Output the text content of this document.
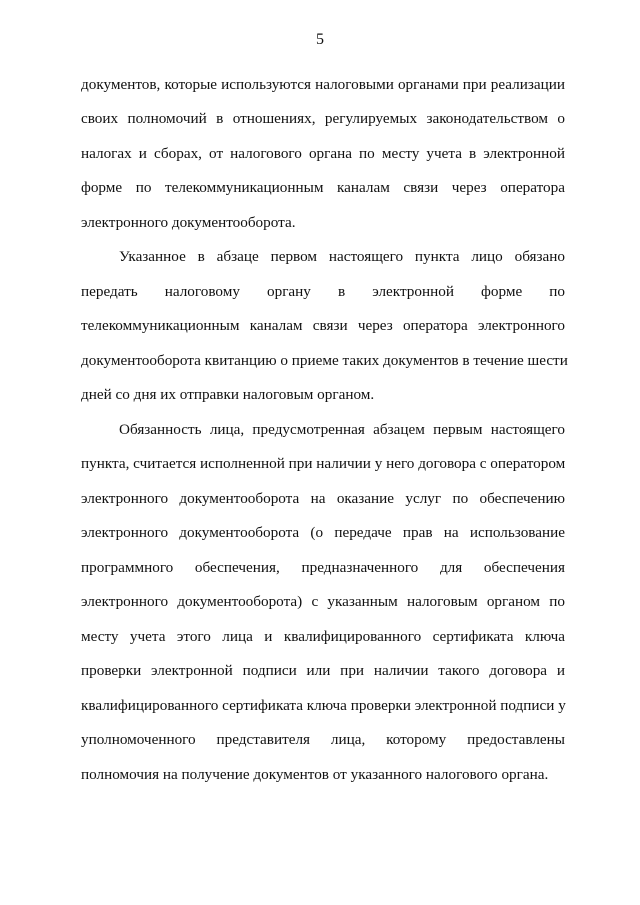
5
документов, которые используются налоговыми органами при реализации
своих полномочий в отношениях, регулируемых законодательством о
налогах и сборах, от налогового органа по месту учета в электронной
форме по телекоммуникационным каналам связи через оператора
электронного документооборота.
Указанное в абзаце первом настоящего пункта лицо обязано
передать налоговому органу в электронной форме по
телекоммуникационным каналам связи через оператора электронного
документооборота квитанцию о приеме таких документов в течение шести
дней со дня их отправки налоговым органом.
Обязанность лица, предусмотренная абзацем первым настоящего
пункта, считается исполненной при наличии у него договора с оператором
электронного документооборота на оказание услуг по обеспечению
электронного документооборота (о передаче прав на использование
программного обеспечения, предназначенного для обеспечения
электронного документооборота) с указанным налоговым органом по
месту учета этого лица и квалифицированного сертификата ключа
проверки электронной подписи или при наличии такого договора и
квалифицированного сертификата ключа проверки электронной подписи у
уполномоченного представителя лица, которому предоставлены
полномочия на получение документов от указанного налогового органа.
